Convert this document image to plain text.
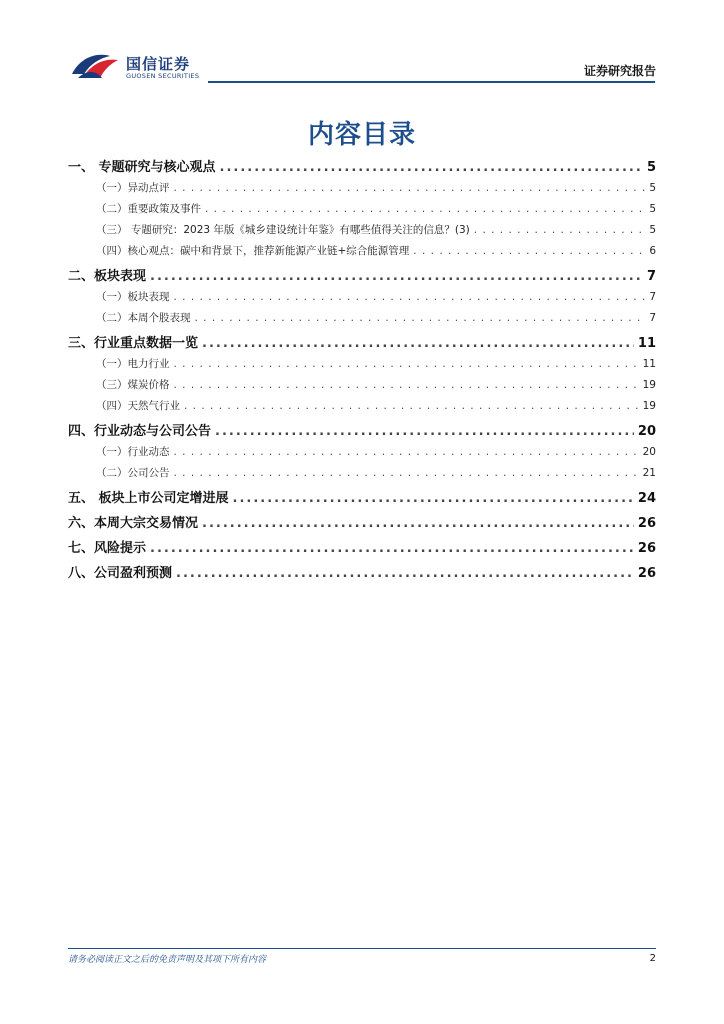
国信证券
GUOSEN SECURITIES	证券研究报告
内容目录
一、 专题研究与核心观点 .....	5
（一）异动点评 . . .	5
（二）重要政策及事件 . . .	5
（三） 专题研究：2023 年版《城乡建设统计年鉴》有哪些值得关注的信息？(3) . . .	5
（四）核心观点：碳中和背景下，推荐新能源产业链+综合能源管理 . . .	6
二、板块表现 .....	7
（一）板块表现 . . .	7
（二）本周个股表现 . . .	7
三、行业重点数据一览 .....	11
（一）电力行业 . . .	11
（三）煤炭价格 . . .	19
（四）天然气行业 . . .	19
四、行业动态与公司公告 .....	20
（一）行业动态 . . .	20
（二）公司公告 . . .	21
五、 板块上市公司定增进展 .....	24
六、本周大宗交易情况 .....	26
七、风险提示 .....	26
八、公司盈利预测 .....	26
请务必阅读正文之后的免责声明及其项下所有内容	2
